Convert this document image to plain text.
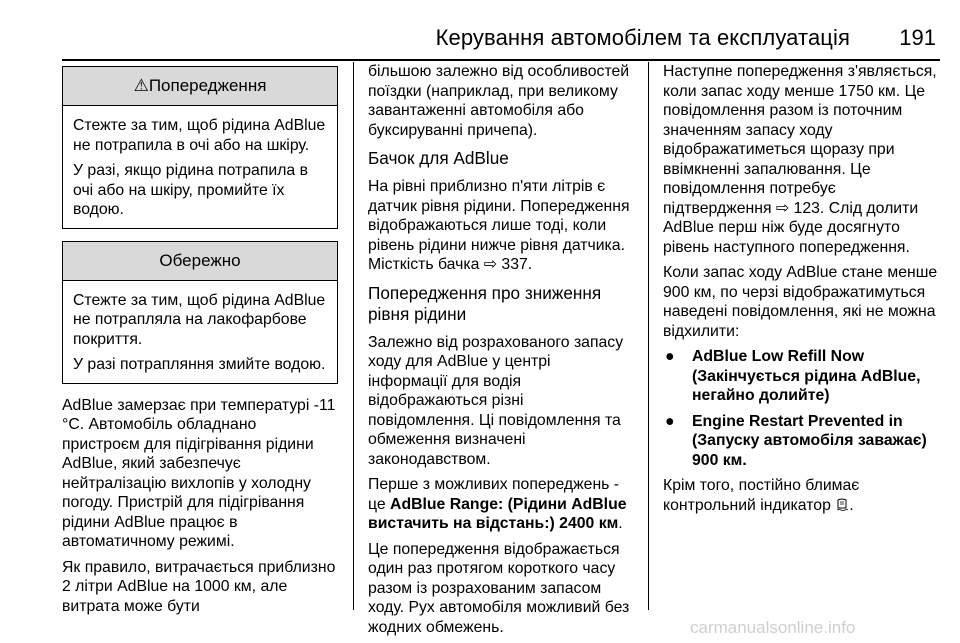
Керування автомобілем та експлуатація 191
⚠Попередження

Стежте за тим, щоб рідина AdBlue не потрапила в очі або на шкіру.

У разі, якщо рідина потрапила в очі або на шкіру, промийте їх водою.

Обережно

Стежте за тим, щоб рідина AdBlue не потрапляла на лакофарбове покриття.

У разі потрапляння змийте водою.

AdBlue замерзає при температурі -11 °C. Автомобіль обладнано пристроєм для підігрівання рідини AdBlue, який забезпечує нейтралізацію вихлопів у холодну погоду. Пристрій для підігрівання рідини AdBlue працює в автоматичному режимі.

Як правило, витрачається приблизно 2 літри AdBlue на 1000 км, але витрата може бути

більшою залежно від особливостей поїздки (наприклад, при великому завантаженні автомобіля або буксируванні причепа).

Бачок для AdBlue

На рівні приблизно п'яти літрів є датчик рівня рідини. Попередження відображаються лише тоді, коли рівень рідини нижче рівня датчика. Місткість бачка ⇨ 337.

Попередження про зниження рівня рідини

Залежно від розрахованого запасу ходу для AdBlue у центрі інформації для водія відображаються різні повідомлення. Ці повідомлення та обмеження визначені законодавством.

Перше з можливих попереджень - це AdBlue Range: (Рідини AdBlue вистачить на відстань:) 2400 км.

Це попередження відображається один раз протягом короткого часу разом із розрахованим запасом ходу. Рух автомобіля можливий без жодних обмежень.

Наступне попередження з'являється, коли запас ходу менше 1750 км. Це повідомлення разом із поточним значенням запасу ходу відображатиметься щоразу при ввімкненні запалювання. Це повідомлення потребує підтвердження ⇨ 123. Слід долити AdBlue перш ніж буде досягнуто рівень наступного попередження.

Коли запас ходу AdBlue стане менше 900 км, по черзі відображатимуться наведені повідомлення, які не можна відхилити:

●	AdBlue Low Refill Now (Закінчується рідина AdBlue, негайно долийте)
●	Engine Restart Prevented in (Запуску автомобіля заважає) 900 км.

Крім того, постійно блимає контрольний індикатор .

carmanualsonline.info
